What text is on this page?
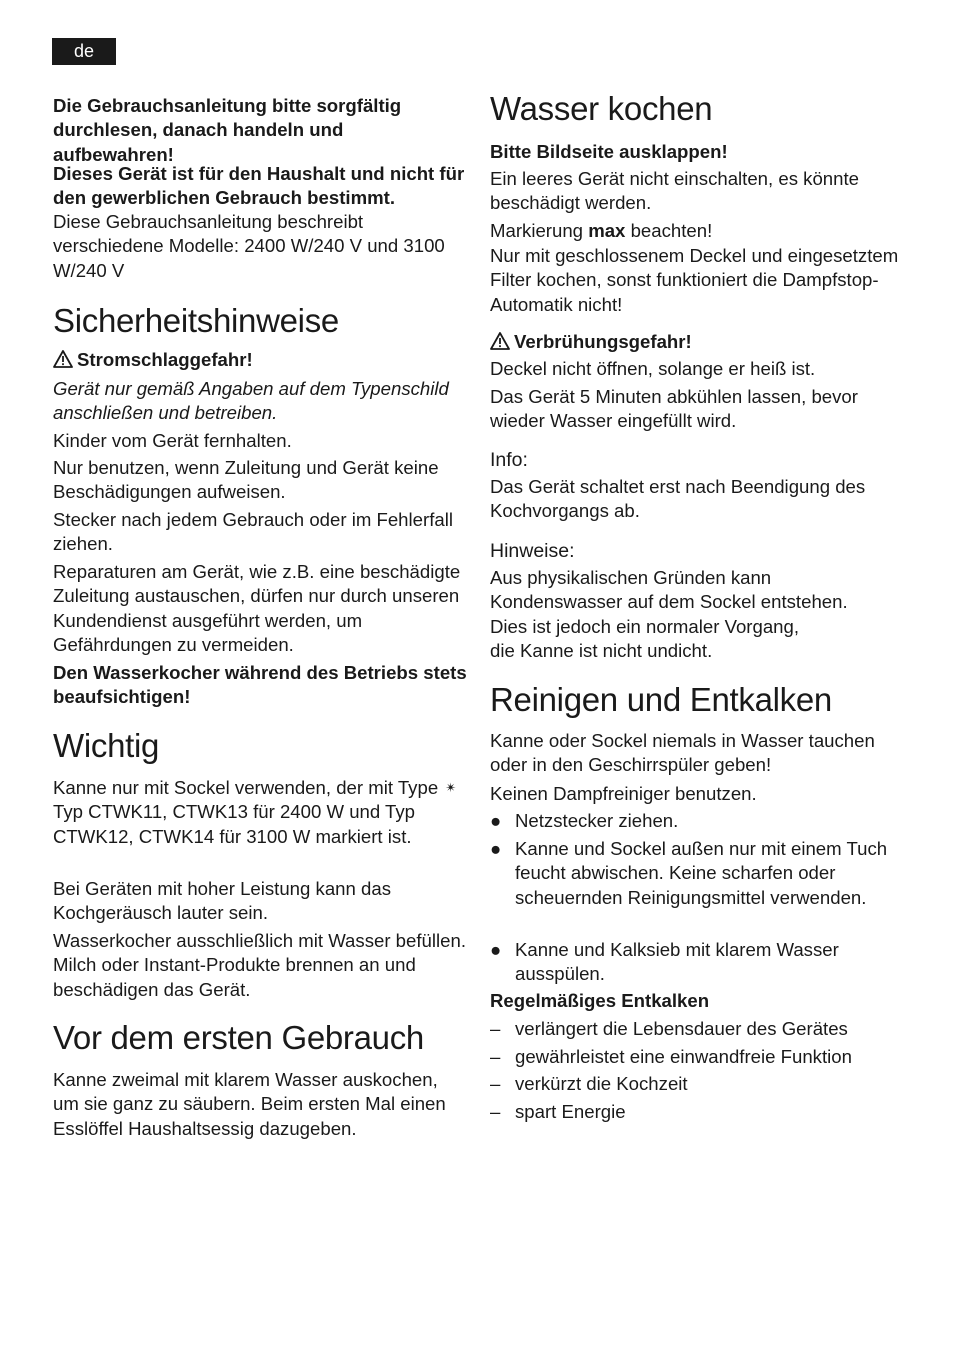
de

Die Gebrauchsanleitung bitte sorgfältig durchlesen, danach handeln und aufbewahren!

Dieses Gerät ist für den Haushalt und nicht für den gewerblichen Gebrauch bestimmt.

Diese Gebrauchsanleitung beschreibt verschiedene Modelle: 2400 W/240 V und 3100 W/240 V

Sicherheitshinweise

Stromschlaggefahr!

Gerät nur gemäß Angaben auf dem Typenschild anschließen und betreiben.

Kinder vom Gerät fernhalten.

Nur benutzen, wenn Zuleitung und Gerät keine Beschädigungen aufweisen.

Stecker nach jedem Gebrauch oder im Fehlerfall ziehen.

Reparaturen am Gerät, wie z.B. eine beschädigte Zuleitung austauschen, dürfen nur durch unseren Kundendienst ausgeführt werden, um Gefährdungen zu vermeiden.

Den Wasserkocher während des Betriebs stets beaufsichtigen!

Wichtig

Kanne nur mit Sockel verwenden, der mit Type ✴ Typ CTWK11, CTWK13 für 2400 W und Typ CTWK12, CTWK14 für 3100 W markiert ist.

Bei Geräten mit hoher Leistung kann das Kochgeräusch lauter sein.

Wasserkocher ausschließlich mit Wasser befüllen. Milch oder Instant-Produkte brennen an und beschädigen das Gerät.

Vor dem ersten Gebrauch

Kanne zweimal mit klarem Wasser auskochen, um sie ganz zu säubern. Beim ersten Mal einen Esslöffel Haushaltsessig dazugeben.

Wasser kochen

Bitte Bildseite ausklappen!

Ein leeres Gerät nicht einschalten, es könnte beschädigt werden.

Markierung max beachten!

Nur mit geschlossenem Deckel und eingesetztem Filter kochen, sonst funktioniert die Dampfstop-Automatik nicht!

Verbrühungsgefahr!

Deckel nicht öffnen, solange er heiß ist.

Das Gerät 5 Minuten abkühlen lassen, bevor wieder Wasser eingefüllt wird.

Info:

Das Gerät schaltet erst nach Beendigung des Kochvorgangs ab.

Hinweise:

Aus physikalischen Gründen kann Kondenswasser auf dem Sockel entstehen.

Dies ist jedoch ein normaler Vorgang,

die Kanne ist nicht undicht.

Reinigen und Entkalken

Kanne oder Sockel niemals in Wasser tauchen oder in den Geschirrspüler geben!

Keinen Dampfreiniger benutzen.

● Netzstecker ziehen.

● Kanne und Sockel außen nur mit einem Tuch feucht abwischen. Keine scharfen oder scheuernden Reinigungsmittel verwenden.

● Kanne und Kalksieb mit klarem Wasser ausspülen.

Regelmäßiges Entkalken

– verlängert die Lebensdauer des Gerätes

– gewährleistet eine einwandfreie Funktion

– verkürzt die Kochzeit

– spart Energie
